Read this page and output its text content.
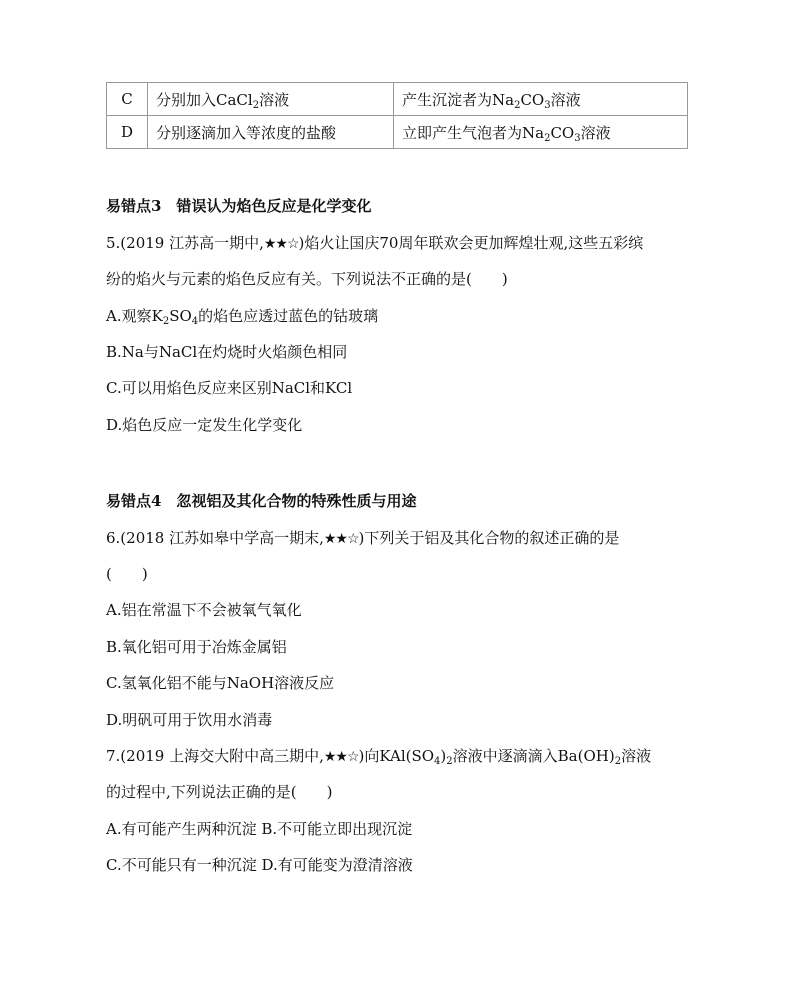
C	分别加入CaCl$_2$溶液	产生沉淀者为$Na_2CO_3$溶液
D	分别逐滴加入等浓度的盐酸	立即产生气泡者为$Na_2CO_3$溶液
易错点3　错误认为焰色反应是化学变化
5.(2019 江苏高一期中,★★☆)焰火让国庆70周年联欢会更加辉煌壮观,这些五彩缤
纷的焰火与元素的焰色反应有关。下列说法不正确的是(　　)
A.观察$K_2SO_4$的焰色应透过蓝色的钴玻璃
B.Na与NaCl在灼烧时火焰颜色相同
C.可以用焰色反应来区别NaCl和KCl
D.焰色反应一定发生化学变化
易错点4　忽视铝及其化合物的特殊性质与用途
6.(2018 江苏如皋中学高一期末,★★☆)下列关于铝及其化合物的叙述正确的是
(　　)
A.铝在常温下不会被氧气氧化
B.氧化铝可用于冶炼金属铝
C.氢氧化铝不能与NaOH溶液反应
D.明矾可用于饮用水消毒
7.(2019 上海交大附中高三期中,★★☆)向$KAl(SO_4)_2$溶液中逐滴滴入$Ba(OH)_2$溶液
的过程中,下列说法正确的是(　　)
A.有可能产生两种沉淀 B.不可能立即出现沉淀
C.不可能只有一种沉淀 D.有可能变为澄清溶液
